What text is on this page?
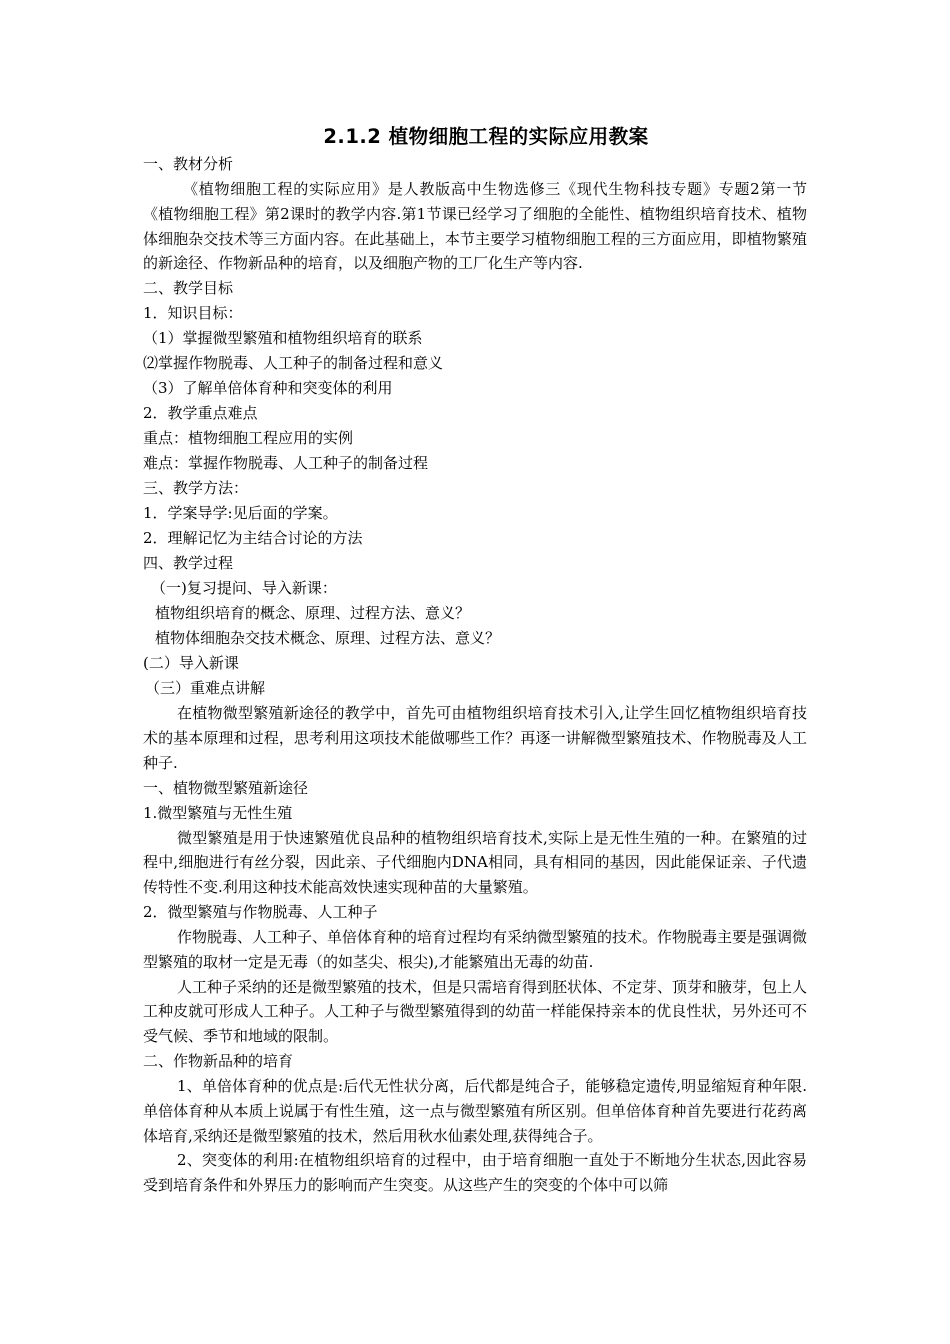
2.1.2 植物细胞工程的实际应用教案

一、教材分析

《植物细胞工程的实际应用》是人教版高中生物选修三《现代生物科技专题》专题2第一节《植物细胞工程》第2课时的教学内容.第1节课已经学习了细胞的全能性、植物组织培育技术、植物体细胞杂交技术等三方面内容。在此基础上，本节主要学习植物细胞工程的三方面应用，即植物繁殖的新途径、作物新品种的培育，以及细胞产物的工厂化生产等内容.

二、教学目标

1．知识目标：

（1）掌握微型繁殖和植物组织培育的联系

⑵掌握作物脱毒、人工种子的制备过程和意义

（3）了解单倍体育种和突变体的利用

2．教学重点难点

重点：植物细胞工程应用的实例

难点：掌握作物脱毒、人工种子的制备过程

三、教学方法：

1．学案导学:见后面的学案。

2．理解记忆为主结合讨论的方法

四、教学过程

（一)复习提问、导入新课：

植物组织培育的概念、原理、过程方法、意义？

植物体细胞杂交技术概念、原理、过程方法、意义？

(二）导入新课

（三）重难点讲解

在植物微型繁殖新途径的教学中，首先可由植物组织培育技术引入,让学生回忆植物组织培育技术的基本原理和过程，思考利用这项技术能做哪些工作？再逐一讲解微型繁殖技术、作物脱毒及人工种子.

一、植物微型繁殖新途径

1.微型繁殖与无性生殖

微型繁殖是用于快速繁殖优良品种的植物组织培育技术,实际上是无性生殖的一种。在繁殖的过程中,细胞进行有丝分裂，因此亲、子代细胞内DNA相同，具有相同的基因，因此能保证亲、子代遗传特性不变.利用这种技术能高效快速实现种苗的大量繁殖。

2．微型繁殖与作物脱毒、人工种子

作物脱毒、人工种子、单倍体育种的培育过程均有采纳微型繁殖的技术。作物脱毒主要是强调微型繁殖的取材一定是无毒（的如茎尖、根尖),才能繁殖出无毒的幼苗.

人工种子采纳的还是微型繁殖的技术，但是只需培育得到胚状体、不定芽、顶芽和腋芽，包上人工种皮就可形成人工种子。人工种子与微型繁殖得到的幼苗一样能保持亲本的优良性状，另外还可不受气候、季节和地域的限制。

二、作物新品种的培育

1、单倍体育种的优点是:后代无性状分离，后代都是纯合子，能够稳定遗传,明显缩短育种年限.单倍体育种从本质上说属于有性生殖，这一点与微型繁殖有所区别。但单倍体育种首先要进行花药离体培育,采纳还是微型繁殖的技术，然后用秋水仙素处理,获得纯合子。

2、突变体的利用:在植物组织培育的过程中，由于培育细胞一直处于不断地分生状态,因此容易受到培育条件和外界压力的影响而产生突变。从这些产生的突变的个体中可以筛
